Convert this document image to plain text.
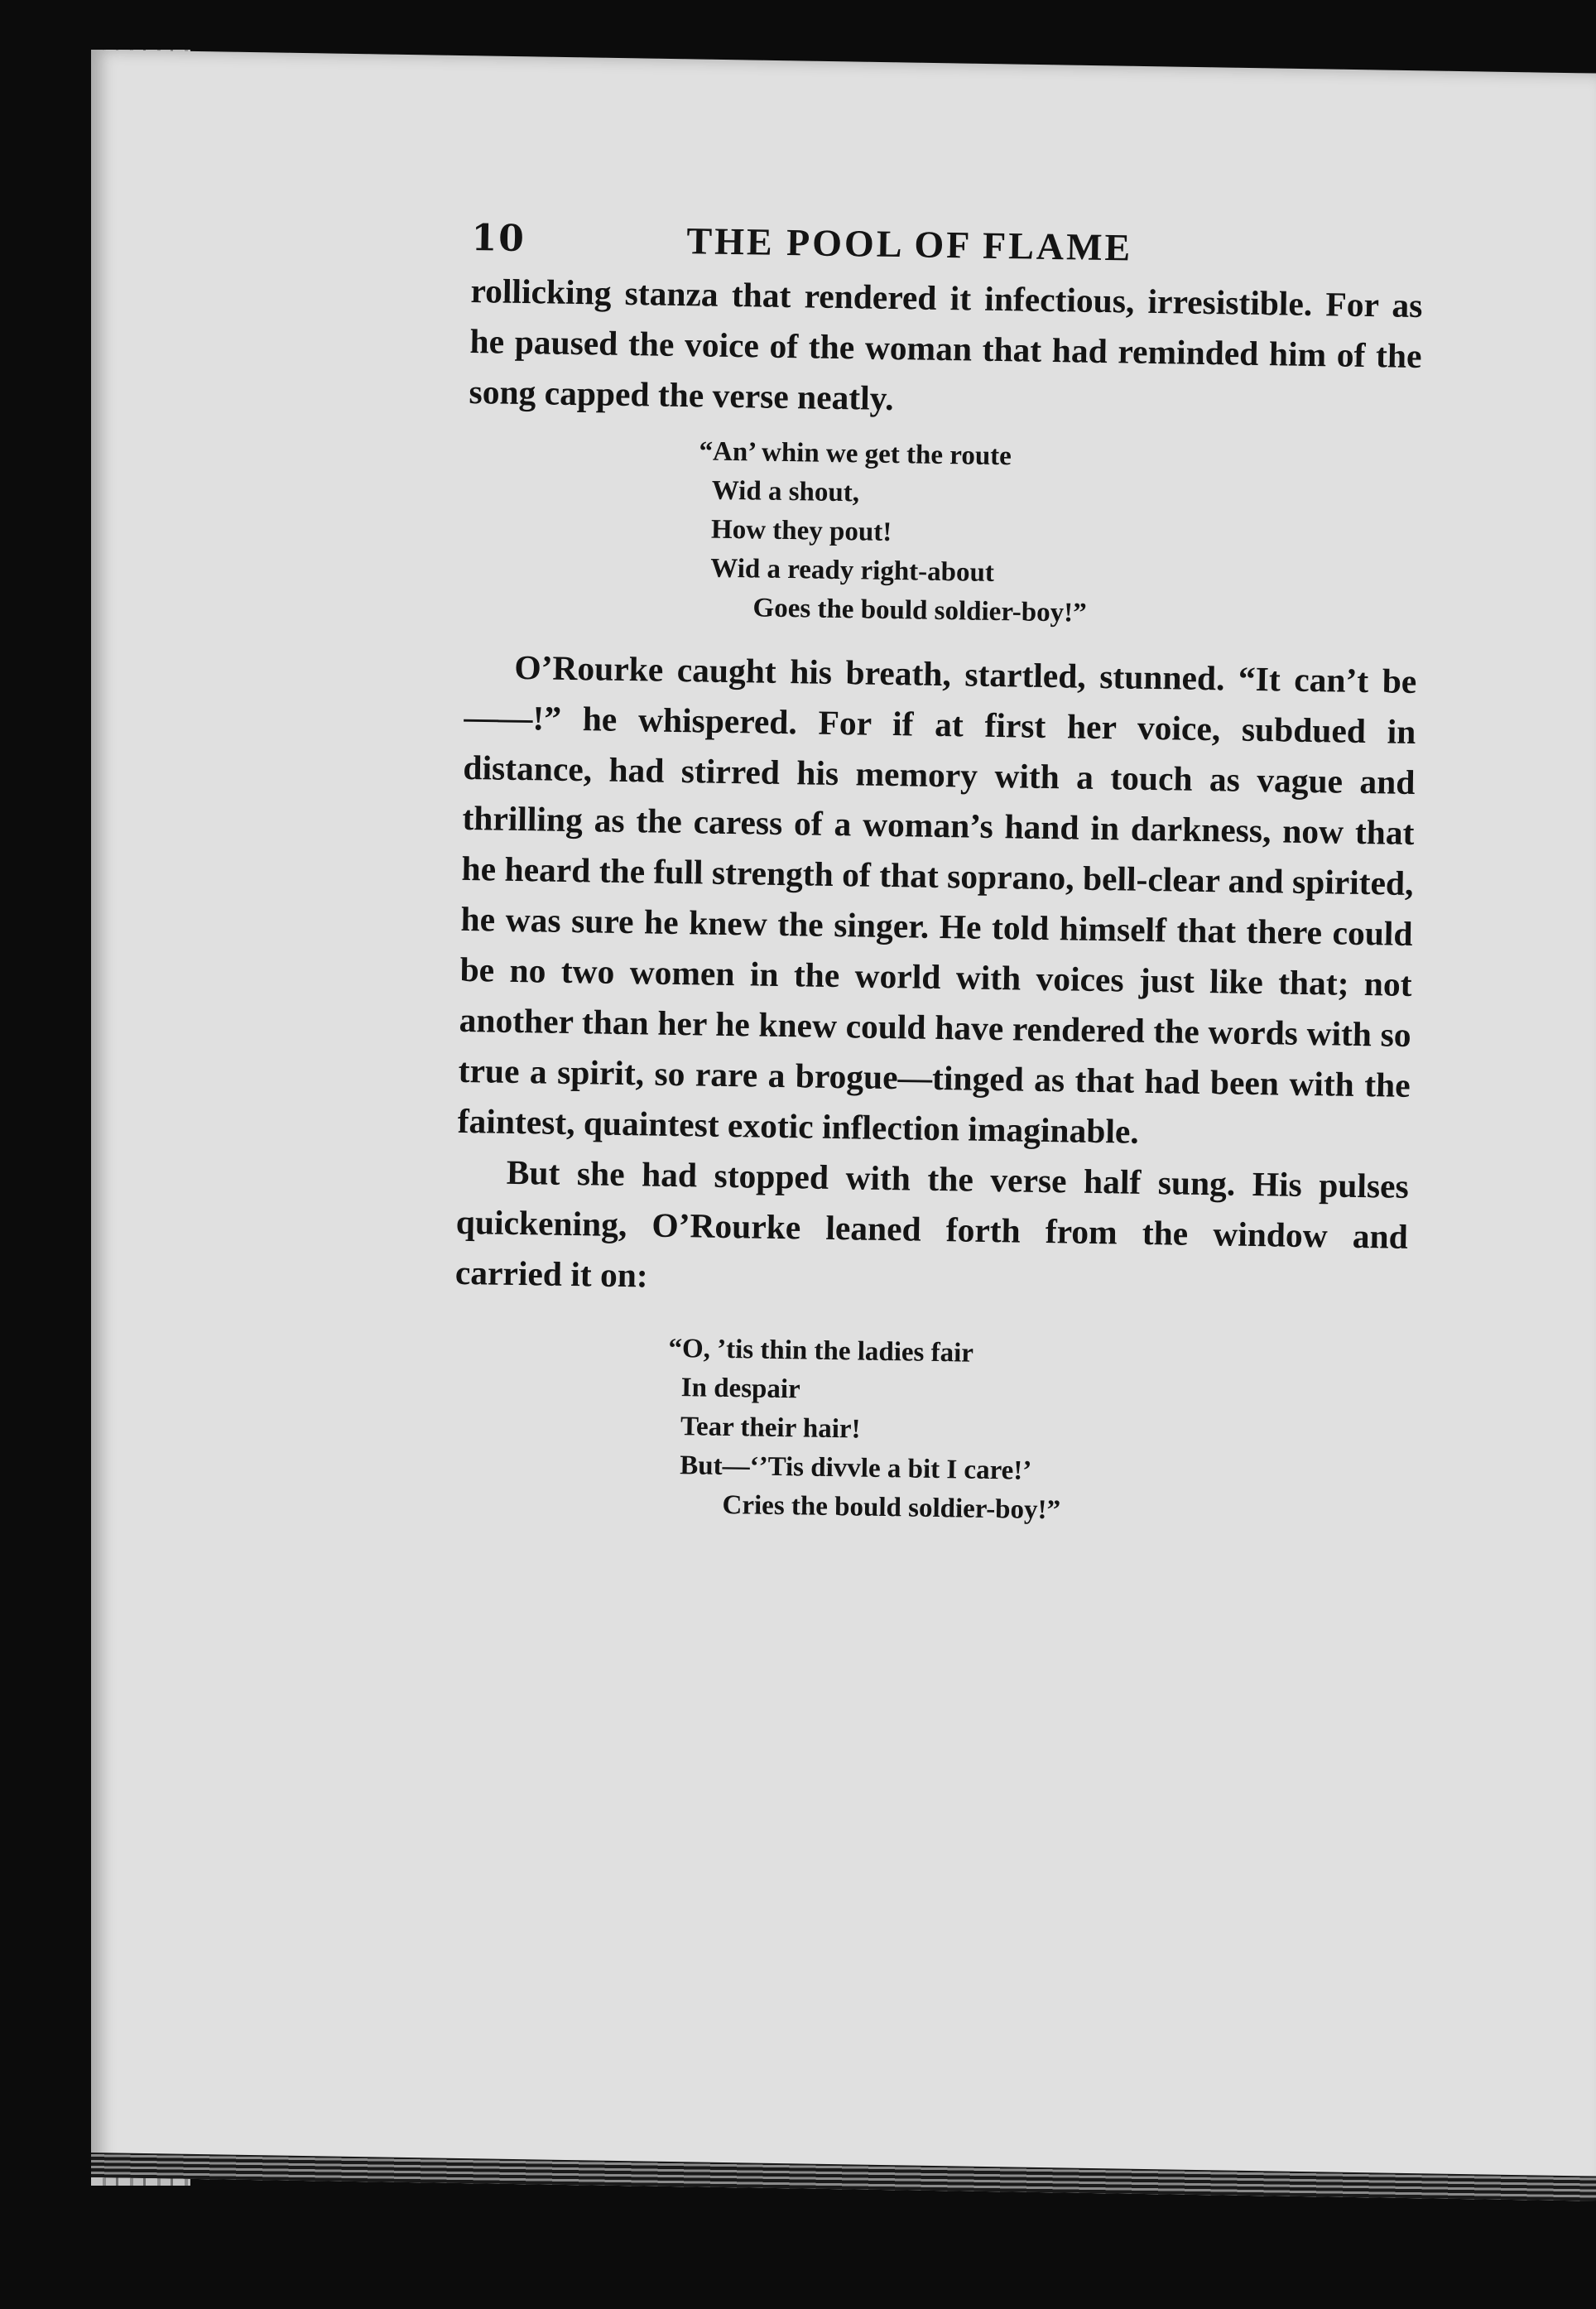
10	THE POOL OF FLAME

rollicking stanza that rendered it infectious, irresistible. For as he paused the voice of the woman that had reminded him of the song capped the verse neatly.

“An’ whin we get the route
Wid a shout,
How they pout!
Wid a ready right-about
Goes the bould soldier-boy!”

O’Rourke caught his breath, startled, stunned. “It can’t be——!” he whispered. For if at first her voice, subdued in distance, had stirred his memory with a touch as vague and thrilling as the caress of a woman’s hand in darkness, now that he heard the full strength of that soprano, bell-clear and spirited, he was sure he knew the singer. He told himself that there could be no two women in the world with voices just like that; not another than her he knew could have rendered the words with so true a spirit, so rare a brogue—tinged as that had been with the faintest, quaintest exotic inflection imaginable.

But she had stopped with the verse half sung. His pulses quickening, O’Rourke leaned forth from the window and carried it on:

“O, ’tis thin the ladies fair
In despair
Tear their hair!
But—‘’Tis divvle a bit I care!’
Cries the bould soldier-boy!”
